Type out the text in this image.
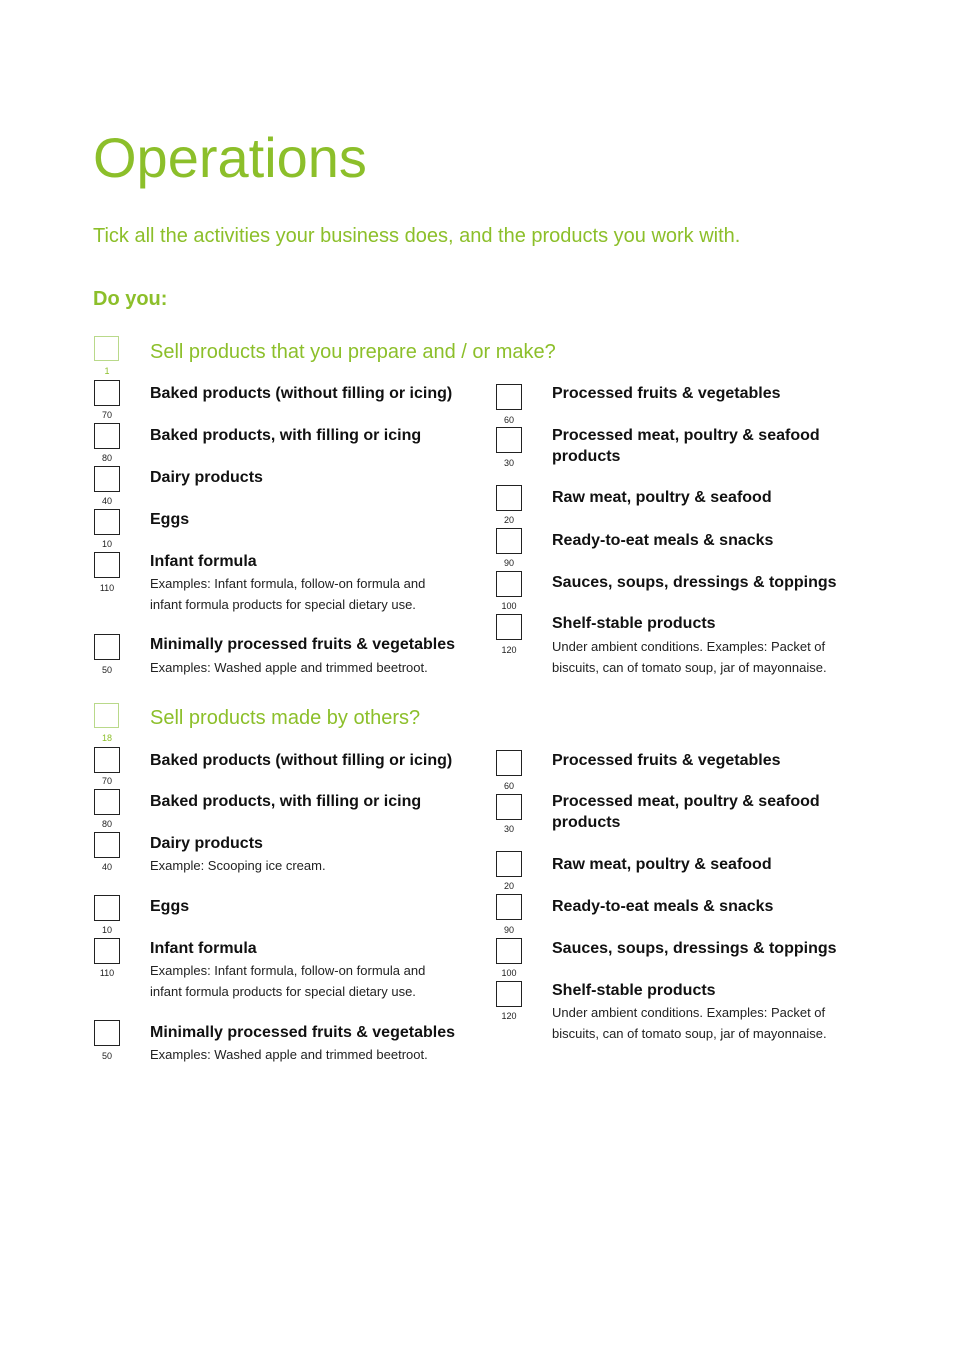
Operations
Tick all the activities your business does, and the products you work with.
Do you:
1
Sell products that you prepare and / or make?
Baked products (without filling or icing)
70
Baked products, with filling or icing
80
Dairy products
40
Eggs
10
Infant formula
Examples: Infant formula, follow-on formula and
infant formula products for special dietary use.
110
Minimally processed fruits & vegetables
Examples: Washed apple and trimmed beetroot.
50
Processed fruits & vegetables
60
Processed meat, poultry & seafood
products
30
Raw meat, poultry & seafood
20
Ready-to-eat meals & snacks
90
Sauces, soups, dressings & toppings
100
Shelf-stable products
Under ambient conditions. Examples: Packet of
biscuits, can of tomato soup, jar of mayonnaise.
120
18
Sell products made by others?
Baked products (without filling or icing)
70
Baked products, with filling or icing
80
Dairy products
Example: Scooping ice cream.
40
Eggs
10
Infant formula
Examples: Infant formula, follow-on formula and
infant formula products for special dietary use.
110
Minimally processed fruits & vegetables
Examples: Washed apple and trimmed beetroot.
50
Processed fruits & vegetables
60
Processed meat, poultry & seafood
products
30
Raw meat, poultry & seafood
20
Ready-to-eat meals & snacks
90
Sauces, soups, dressings & toppings
100
Shelf-stable products
Under ambient conditions. Examples: Packet of
biscuits, can of tomato soup, jar of mayonnaise.
120
